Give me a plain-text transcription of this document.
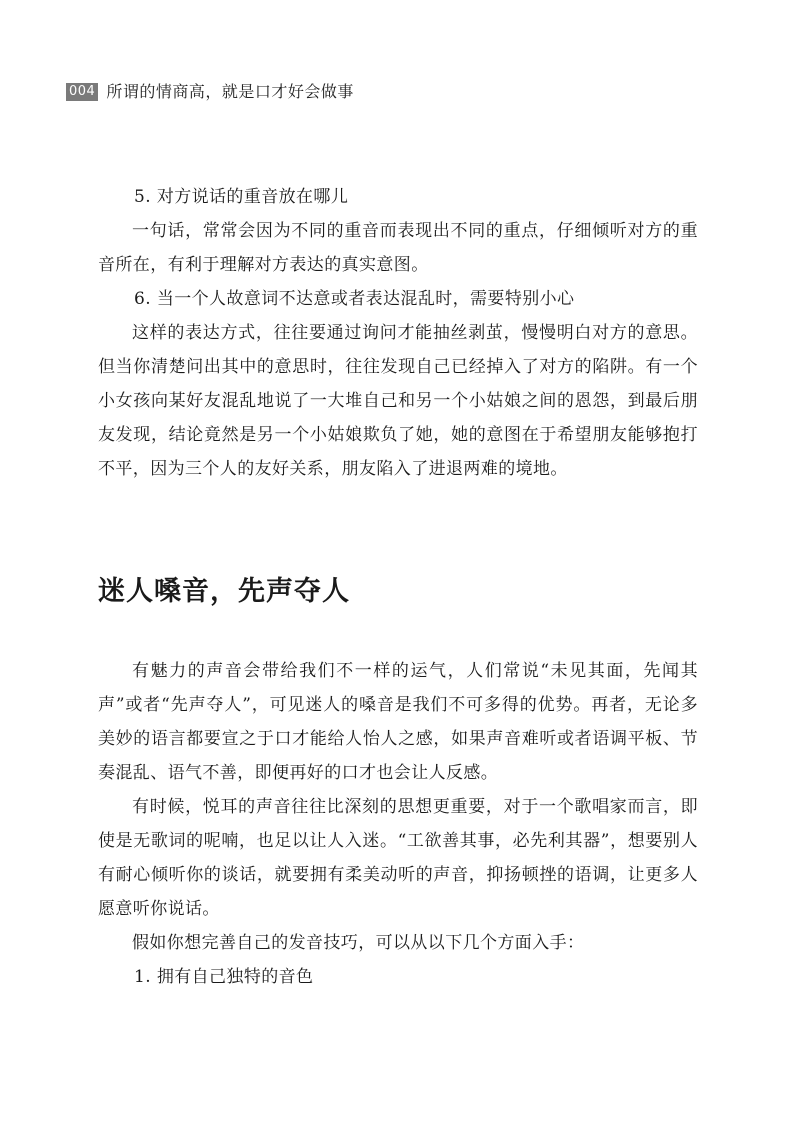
004 所谓的情商高，就是口才好会做事

5. 对方说话的重音放在哪儿

一句话，常常会因为不同的重音而表现出不同的重点，仔细倾听对方的重音所在，有利于理解对方表达的真实意图。

6. 当一个人故意词不达意或者表达混乱时，需要特别小心

这样的表达方式，往往要通过询问才能抽丝剥茧，慢慢明白对方的意思。但当你清楚问出其中的意思时，往往发现自己已经掉入了对方的陷阱。有一个小女孩向某好友混乱地说了一大堆自己和另一个小姑娘之间的恩怨，到最后朋友发现，结论竟然是另一个小姑娘欺负了她，她的意图在于希望朋友能够抱打不平，因为三个人的友好关系，朋友陷入了进退两难的境地。

迷人嗓音，先声夺人

有魅力的声音会带给我们不一样的运气，人们常说“未见其面，先闻其声”或者“先声夺人”，可见迷人的嗓音是我们不可多得的优势。再者，无论多美妙的语言都要宣之于口才能给人怡人之感，如果声音难听或者语调平板、节奏混乱、语气不善，即便再好的口才也会让人反感。

有时候，悦耳的声音往往比深刻的思想更重要，对于一个歌唱家而言，即使是无歌词的呢喃，也足以让人入迷。“工欲善其事，必先利其器”，想要别人有耐心倾听你的谈话，就要拥有柔美动听的声音，抑扬顿挫的语调，让更多人愿意听你说话。

假如你想完善自己的发音技巧，可以从以下几个方面入手：

1. 拥有自己独特的音色
